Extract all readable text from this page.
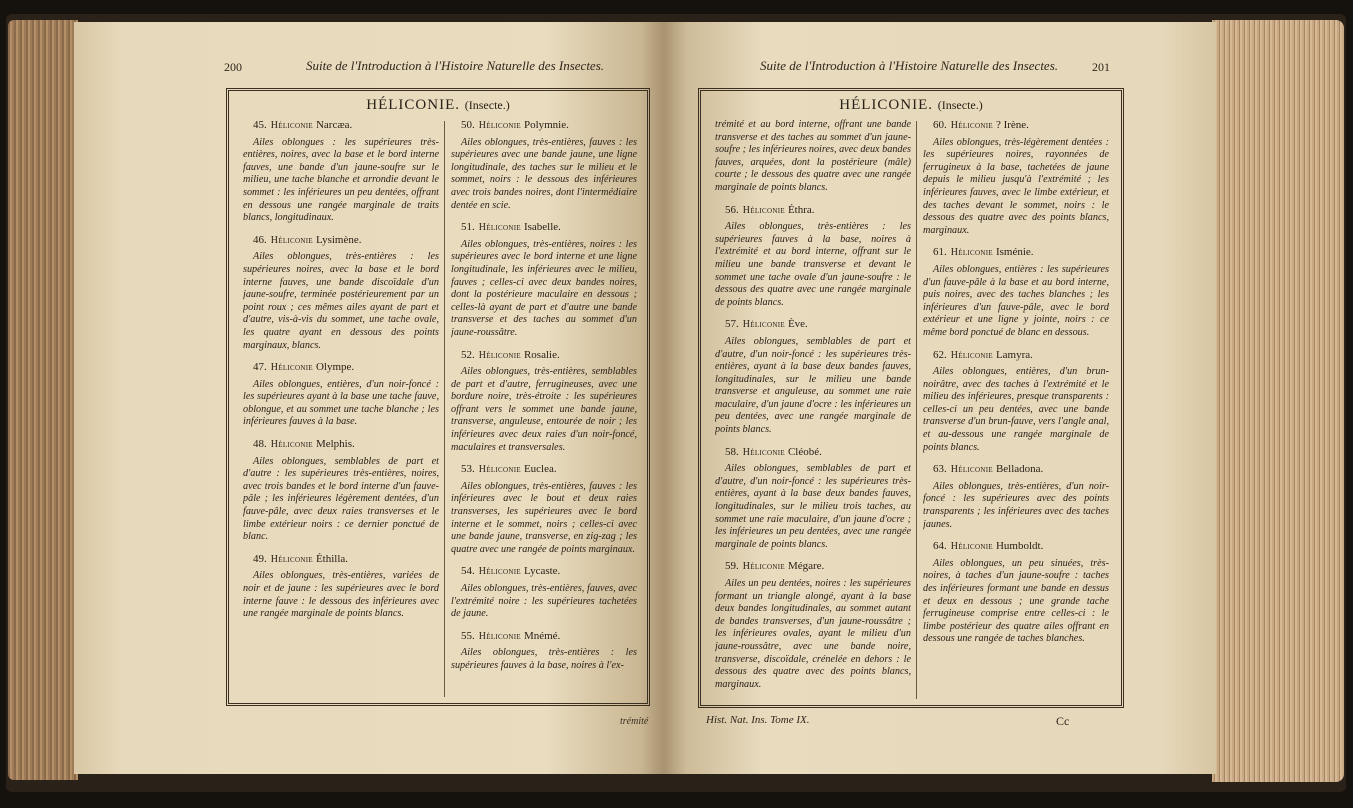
200	Suite de l'Introduction à l'Histoire Naturelle des Insectes.
HÉLICONIE. (Insecte.)

45. Héliconie Narcæa.

Ailes oblongues : les supérieures très-entières, noires, avec la base et le bord interne fauves, une bande d'un jaune-soufre sur le milieu, une tache blanche et arrondie devant le sommet : les inférieures un peu dentées, offrant en dessous une rangée marginale de traits blancs, longitudinaux.

46. Héliconie Lysimène.

Ailes oblongues, très-entières : les supérieures noires, avec la base et le bord interne fauves, une bande discoïdale d'un jaune-soufre, terminée postérieurement par un point roux ; ces mêmes ailes ayant de part et d'autre, vis-à-vis du sommet, une tache ovale, les quatre ayant en dessous des points marginaux, blancs.

47. Héliconie Olympe.

Ailes oblongues, entières, d'un noir-foncé : les supérieures ayant à la base une tache fauve, oblongue, et au sommet une tache blanche ; les inférieures fauves à la base.

48. Héliconie Melphis.

Ailes oblongues, semblables de part et d'autre : les supérieures très-entières, noires, avec trois bandes et le bord interne d'un fauve-pâle ; les inférieures légèrement dentées, d'un fauve-pâle, avec deux raies transverses et le limbe extérieur noirs : ce dernier ponctué de blanc.

49. Héliconie Éthilla.

Ailes oblongues, très-entières, variées de noir et de jaune : les supérieures avec le bord interne fauve : le dessous des inférieures avec une rangée marginale de points blancs.

50. Héliconie Polymnie.

Ailes oblongues, très-entières, fauves : les supérieures avec une bande jaune, une ligne longitudinale, des taches sur le milieu et le sommet, noirs : le dessous des inférieures avec trois bandes noires, dont l'intermédiaire dentée en scie.

51. Héliconie Isabelle.

Ailes oblongues, très-entières, noires : les supérieures avec le bord interne et une ligne longitudinale, les inférieures avec le milieu, fauves ; celles-ci avec deux bandes noires, dont la postérieure maculaire en dessous ; celles-là ayant de part et d'autre une bande transverse et des taches au sommet d'un jaune-roussâtre.

52. Héliconie Rosalie.

Ailes oblongues, très-entières, semblables de part et d'autre, ferrugineuses, avec une bordure noire, très-étroite : les supérieures offrant vers le sommet une bande jaune, transverse, anguleuse, entourée de noir ; les inférieures avec deux raies d'un noir-foncé, maculaires et transversales.

53. Héliconie Euclea.

Ailes oblongues, très-entières, fauves : les inférieures avec le bout et deux raies transverses, les supérieures avec le bord interne et le sommet, noirs ; celles-ci avec une bande jaune, transverse, en zig-zag ; les quatre avec une rangée de points marginaux.

54. Héliconie Lycaste.

Ailes oblongues, très-entières, fauves, avec l'extrémité noire : les supérieures tachetées de jaune.

55. Héliconie Mnémé.

Ailes oblongues, très-entières : les supérieures fauves à la base, noires à l'ex-

trémité
Suite de l'Introduction à l'Histoire Naturelle des Insectes.	201
HÉLICONIE. (Insecte.)

trémité et au bord interne, offrant une bande transverse et des taches au sommet d'un jaune-soufre ; les inférieures noires, avec deux bandes fauves, arquées, dont la postérieure (mâle) courte ; le dessous des quatre avec une rangée marginale de points blancs.

56. Héliconie Éthra.

Ailes oblongues, très-entières : les supérieures fauves à la base, noires à l'extrémité et au bord interne, offrant sur le milieu une bande transverse et devant le sommet une tache ovale d'un jaune-soufre : le dessous des quatre avec une rangée marginale de points blancs.

57. Héliconie Ève.

Ailes oblongues, semblables de part et d'autre, d'un noir-foncé : les supérieures très-entières, ayant à la base deux bandes fauves, longitudinales, sur le milieu une bande transverse et anguleuse, au sommet une raie maculaire, d'un jaune d'ocre : les inférieures un peu dentées, avec une rangée marginale de points blancs.

58. Héliconie Cléobé.

Ailes oblongues, semblables de part et d'autre, d'un noir-foncé : les supérieures très-entières, ayant à la base deux bandes fauves, longitudinales, sur le milieu trois taches, au sommet une raie maculaire, d'un jaune d'ocre ; les inférieures un peu dentées, avec une rangée marginale de points blancs.

59. Héliconie Mégare.

Ailes un peu dentées, noires : les supérieures formant un triangle alongé, ayant à la base deux bandes longitudinales, au sommet autant de bandes transverses, d'un jaune-roussâtre ; les inférieures ovales, ayant le milieu d'un jaune-roussâtre, avec une bande noire, transverse, discoïdale, crénelée en dehors : le dessous des quatre avec des points blancs, marginaux.

60. Héliconie ? Irène.

Ailes oblongues, très-légèrement dentées : les supérieures noires, rayonnées de ferrugineux à la base, tachetées de jaune depuis le milieu jusqu'à l'extrémité ; les inférieures fauves, avec le limbe extérieur, et des taches devant le sommet, noirs : le dessous des quatre avec des points blancs, marginaux.

61. Héliconie Isménie.

Ailes oblongues, entières : les supérieures d'un fauve-pâle à la base et au bord interne, puis noires, avec des taches blanches ; les inférieures d'un fauve-pâle, avec le bord extérieur et une ligne y jointe, noirs : ce même bord ponctué de blanc en dessous.

62. Héliconie Lamyra.

Ailes oblongues, entières, d'un brun-noirâtre, avec des taches à l'extrémité et le milieu des inférieures, presque transparents : celles-ci un peu dentées, avec une bande transverse d'un brun-fauve, vers l'angle anal, et au-dessous une rangée marginale de points blancs.

63. Héliconie Belladona.

Ailes oblongues, très-entières, d'un noir-foncé : les supérieures avec des points transparents ; les inférieures avec des taches jaunes.

64. Héliconie Humboldt.

Ailes oblongues, un peu sinuées, très-noires, à taches d'un jaune-soufre : taches des inférieures formant une bande en dessus et deux en dessous ; une grande tache ferrugineuse comprise entre celles-ci : le limbe postérieur des quatre ailes offrant en dessous une rangée de taches blanches.

Hist. Nat. Ins. Tome IX.	Cc
